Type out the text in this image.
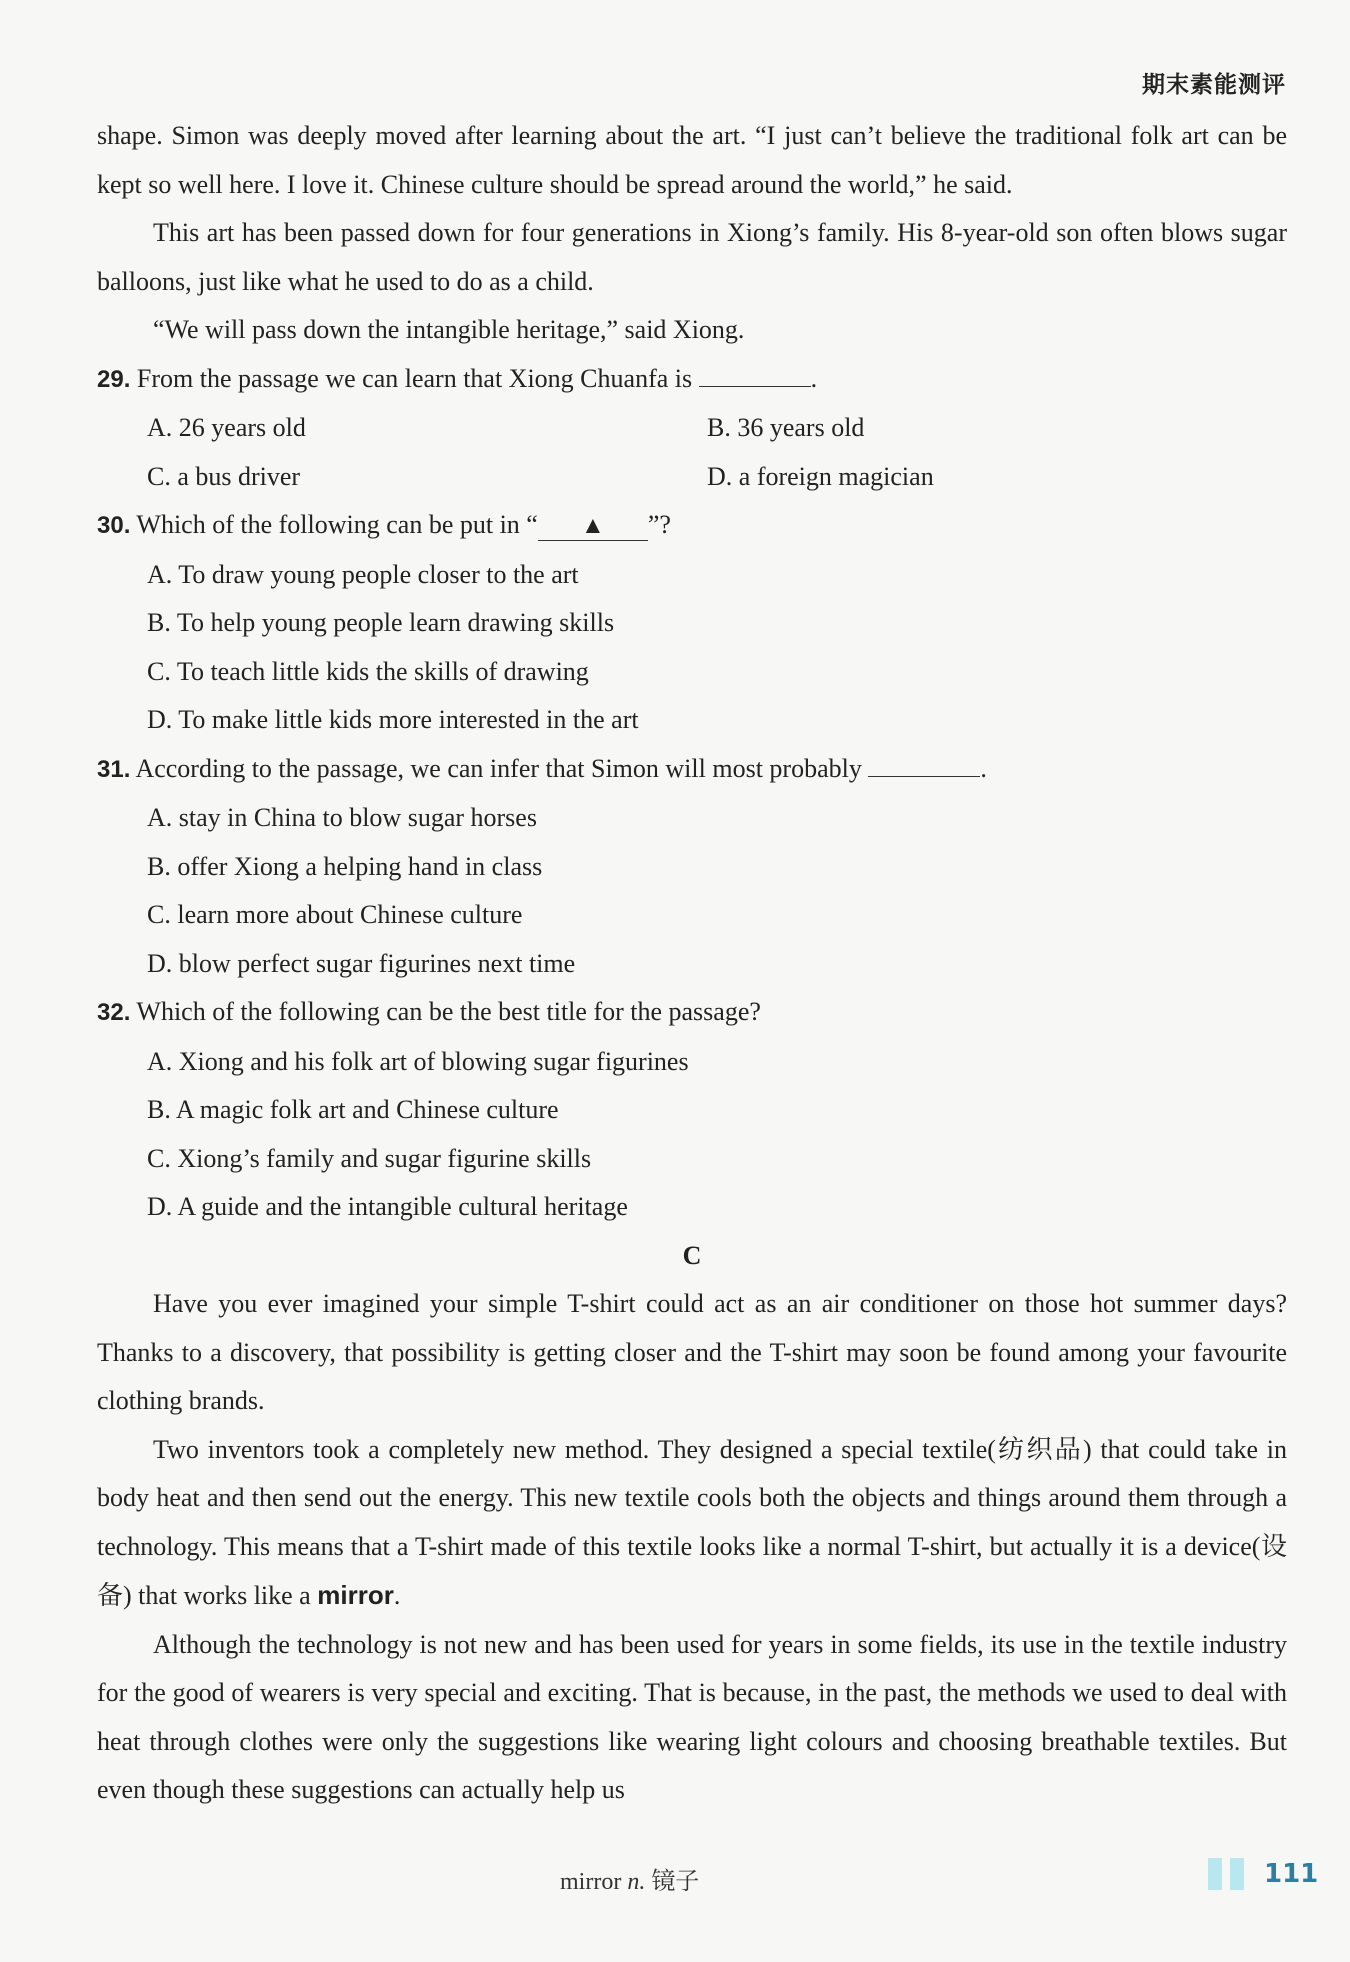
期末素能测评

shape. Simon was deeply moved after learning about the art. “I just can’t believe the traditional folk art can be kept so well here. I love it. Chinese culture should be spread around the world,” he said.

This art has been passed down for four generations in Xiong’s family. His 8-year-old son often blows sugar balloons, just like what he used to do as a child.

“We will pass down the intangible heritage,” said Xiong.

29. From the passage we can learn that Xiong Chuanfa is	.
A. 26 years old	B. 36 years old
C. a bus driver	D. a foreign magician
30. Which of the following can be put in “ ▲ ”?

A. To draw young people closer to the art

B. To help young people learn drawing skills

C. To teach little kids the skills of drawing

D. To make little kids more interested in the art

31. According to the passage, we can infer that Simon will most probably	.

A. stay in China to blow sugar horses

B. offer Xiong a helping hand in class

C. learn more about Chinese culture

D. blow perfect sugar figurines next time

32. Which of the following can be the best title for the passage?

A. Xiong and his folk art of blowing sugar figurines

B. A magic folk art and Chinese culture

C. Xiong’s family and sugar figurine skills

D. A guide and the intangible cultural heritage

C

Have you ever imagined your simple T-shirt could act as an air conditioner on those hot summer days? Thanks to a discovery, that possibility is getting closer and the T-shirt may soon be found among your favourite clothing brands.

Two inventors took a completely new method. They designed a special textile(纺织品) that could take in body heat and then send out the energy. This new textile cools both the objects and things around them through a technology. This means that a T-shirt made of this textile looks like a normal T-shirt, but actually it is a device(设备) that works like a mirror.

Although the technology is not new and has been used for years in some fields, its use in the textile industry for the good of wearers is very special and exciting. That is because, in the past, the methods we used to deal with heat through clothes were only the suggestions like wearing light colours and choosing breathable textiles. But even though these suggestions can actually help us

mirror n. 镜子	111
